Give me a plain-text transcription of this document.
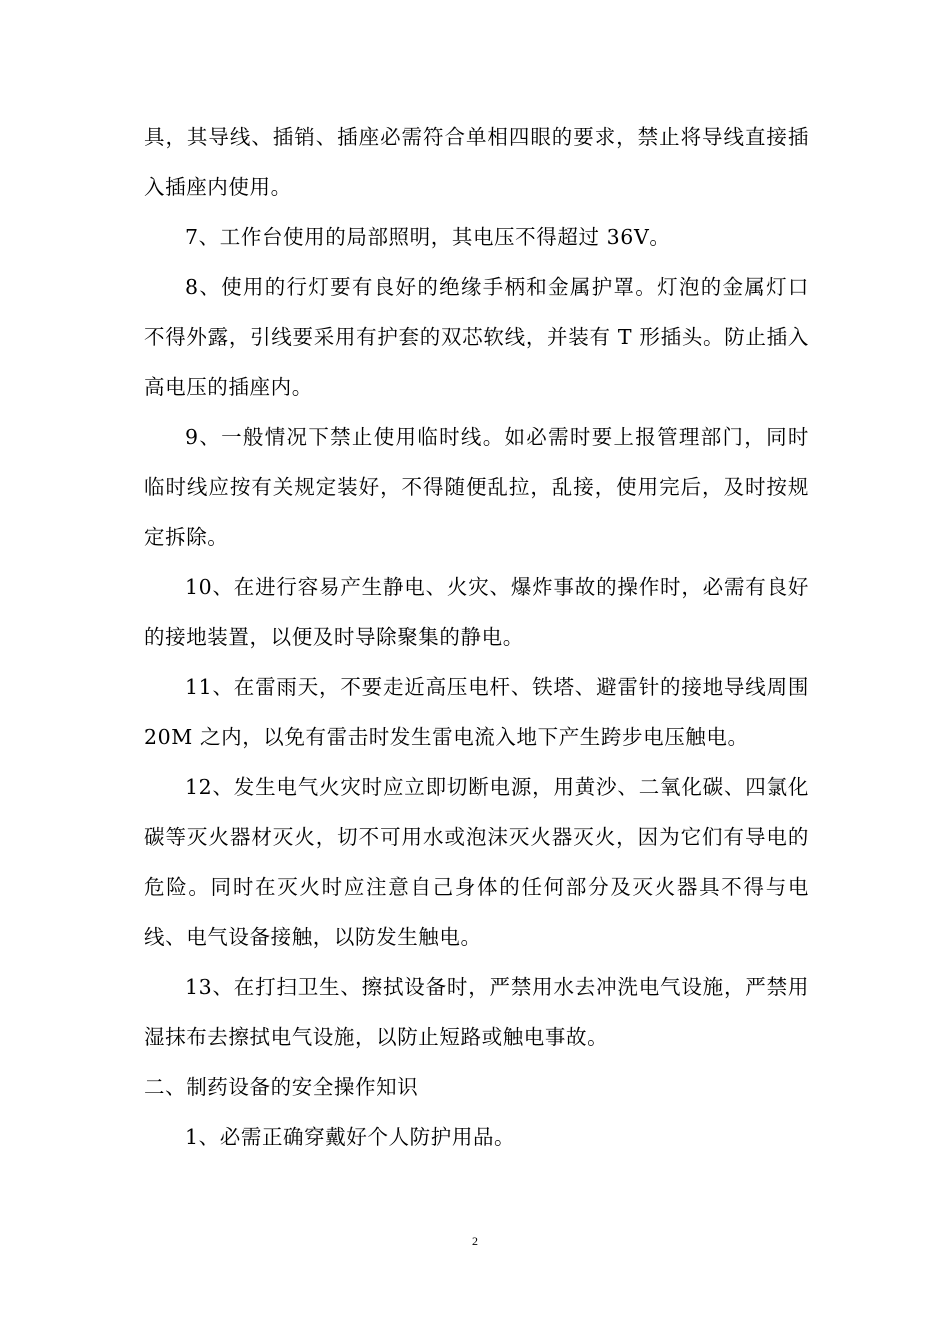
具，其导线、插销、插座必需符合单相四眼的要求，禁止将导线直接插入插座内使用。

7、工作台使用的局部照明，其电压不得超过 36V。

8、使用的行灯要有良好的绝缘手柄和金属护罩。灯泡的金属灯口不得外露，引线要采用有护套的双芯软线，并装有 T 形插头。防止插入高电压的插座内。

9、一般情况下禁止使用临时线。如必需时要上报管理部门，同时临时线应按有关规定装好，不得随便乱拉，乱接，使用完后，及时按规定拆除。

10、在进行容易产生静电、火灾、爆炸事故的操作时，必需有良好的接地装置，以便及时导除聚集的静电。

11、在雷雨天，不要走近高压电杆、铁塔、避雷针的接地导线周围 20M 之内，以免有雷击时发生雷电流入地下产生跨步电压触电。

12、发生电气火灾时应立即切断电源，用黄沙、二氧化碳、四氯化碳等灭火器材灭火，切不可用水或泡沫灭火器灭火，因为它们有导电的危险。同时在灭火时应注意自己身体的任何部分及灭火器具不得与电线、电气设备接触，以防发生触电。

13、在打扫卫生、擦拭设备时，严禁用水去冲洗电气设施，严禁用湿抹布去擦拭电气设施，以防止短路或触电事故。

二、制药设备的安全操作知识

1、必需正确穿戴好个人防护用品。

2
